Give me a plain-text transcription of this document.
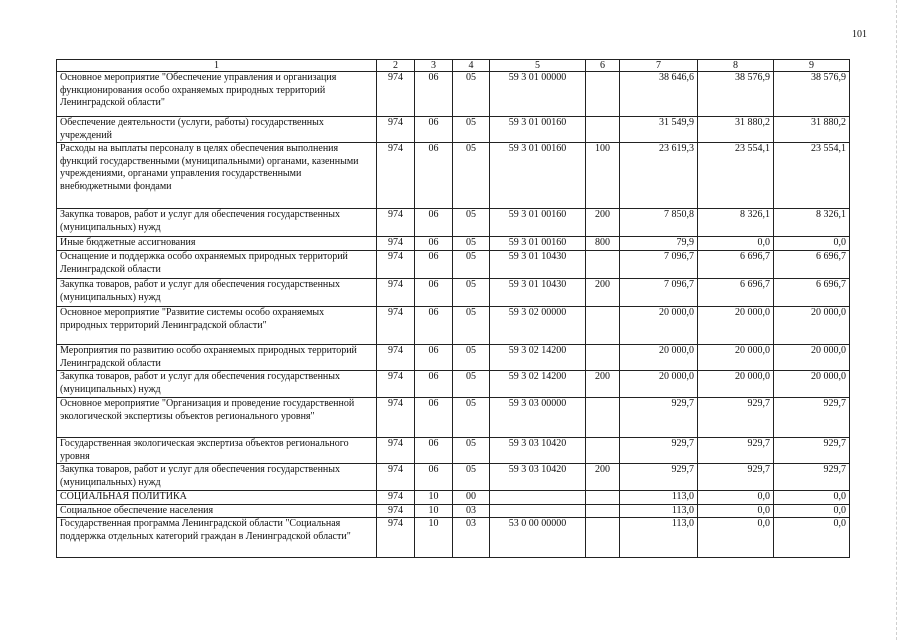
101
1	2	3	4	5	6	7	8	9
Основное мероприятие "Обеспечение управления и организация функционирования особо охраняемых природных территорий Ленинградской области"	974	06	05	59 3 01 00000		38 646,6	38 576,9	38 576,9
Обеспечение деятельности (услуги, работы) государственных учреждений	974	06	05	59 3 01 00160		31 549,9	31 880,2	31 880,2
Расходы на выплаты персоналу в целях обеспечения выполнения функций государственными (муниципальными) органами, казенными учреждениями, органами управления государственными внебюджетными фондами	974	06	05	59 3 01 00160	100	23 619,3	23 554,1	23 554,1
Закупка товаров, работ и услуг для обеспечения государственных (муниципальных) нужд	974	06	05	59 3 01 00160	200	7 850,8	8 326,1	8 326,1
Иные бюджетные ассигнования	974	06	05	59 3 01 00160	800	79,9	0,0	0,0
Оснащение и поддержка особо охраняемых природных территорий Ленинградской области	974	06	05	59 3 01 10430		7 096,7	6 696,7	6 696,7
Закупка товаров, работ и услуг для обеспечения государственных (муниципальных) нужд	974	06	05	59 3 01 10430	200	7 096,7	6 696,7	6 696,7
Основное мероприятие "Развитие системы особо охраняемых природных территорий Ленинградской области"	974	06	05	59 3 02 00000		20 000,0	20 000,0	20 000,0
Мероприятия по развитию особо охраняемых природных территорий Ленинградской области	974	06	05	59 3 02 14200		20 000,0	20 000,0	20 000,0
Закупка товаров, работ и услуг для обеспечения государственных (муниципальных) нужд	974	06	05	59 3 02 14200	200	20 000,0	20 000,0	20 000,0
Основное мероприятие "Организация и проведение государственной экологической экспертизы объектов регионального уровня"	974	06	05	59 3 03 00000		929,7	929,7	929,7
Государственная экологическая экспертиза объектов регионального уровня	974	06	05	59 3 03 10420		929,7	929,7	929,7
Закупка товаров, работ и услуг для обеспечения государственных (муниципальных) нужд	974	06	05	59 3 03 10420	200	929,7	929,7	929,7
СОЦИАЛЬНАЯ ПОЛИТИКА	974	10	00			113,0	0,0	0,0
Социальное обеспечение населения	974	10	03			113,0	0,0	0,0
Государственная программа Ленинградской области "Социальная поддержка отдельных категорий граждан в Ленинградской области"	974	10	03	53 0 00 00000		113,0	0,0	0,0
